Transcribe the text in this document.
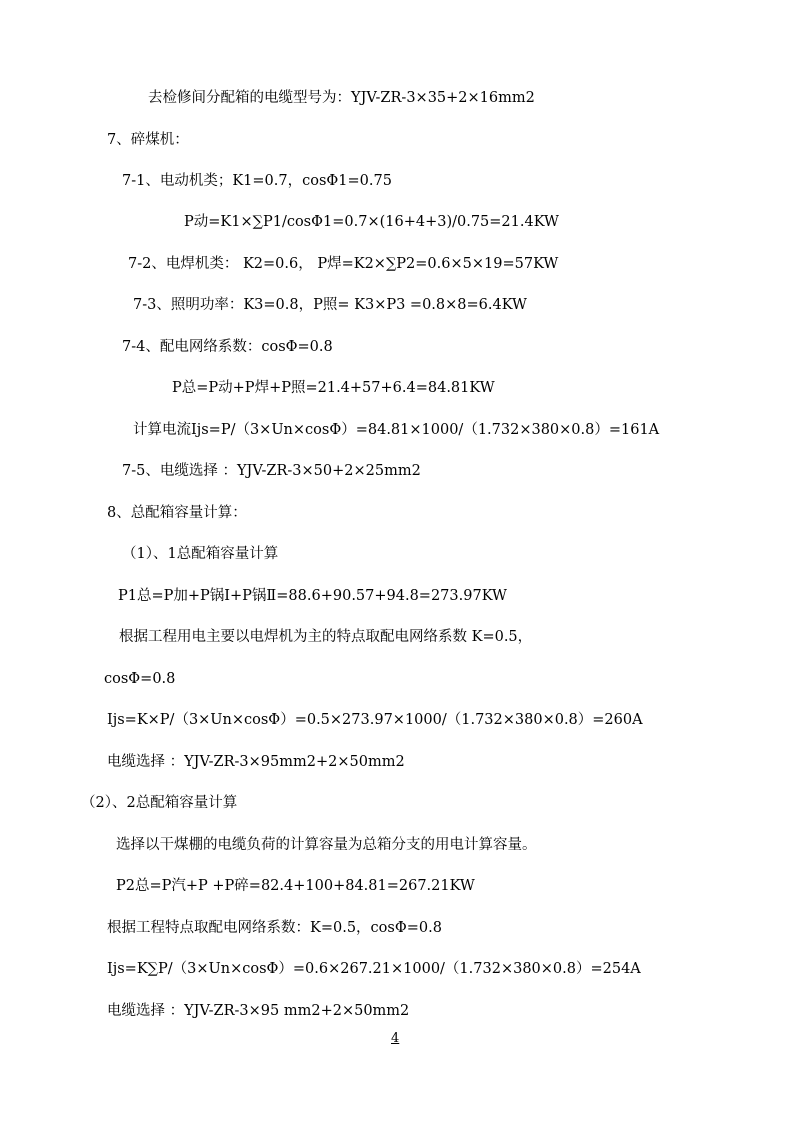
去检修间分配箱的电缆型号为：YJV-ZR-3×35+2×16mm2
7、碎煤机：
7-1、电动机类；K1=0.7，cosΦ1=0.75
P动=K1×∑P1/cosΦ1=0.7×(16+4+3)/0.75=21.4KW
7-2、电焊机类： K2=0.6， P焊=K2×∑P2=0.6×5×19=57KW
7-3、照明功率：K3=0.8，P照= K3×P3 =0.8×8=6.4KW
7-4、配电网络系数：cosΦ=0.8
P总=P动+P焊+P照=21.4+57+6.4=84.81KW
计算电流Ijs=P/（3×Un×cosΦ）=84.81×1000/（1.732×380×0.8）=161A
7-5、电缆选择 ：YJV-ZR-3×50+2×25mm2
8、总配箱容量计算：
（1）、1总配箱容量计算
P1总=P加+P锅Ⅰ+P锅Ⅱ=88.6+90.57+94.8=273.97KW
根据工程用电主要以电焊机为主的特点取配电网络系数 K=0.5，
cosΦ=0.8
Ijs=K×P/（3×Un×cosΦ）=0.5×273.97×1000/（1.732×380×0.8）=260A
电缆选择 ：YJV-ZR-3×95mm2+2×50mm2
（2）、2总配箱容量计算
选择以干煤棚的电缆负荷的计算容量为总箱分支的用电计算容量。
P2总=P汽+P +P碎=82.4+100+84.81=267.21KW
根据工程特点取配电网络系数：K=0.5，cosΦ=0.8
Ijs=K∑P/（3×Un×cosΦ）=0.6×267.21×1000/（1.732×380×0.8）=254A
电缆选择 ：YJV-ZR-3×95 mm2+2×50mm2
4
